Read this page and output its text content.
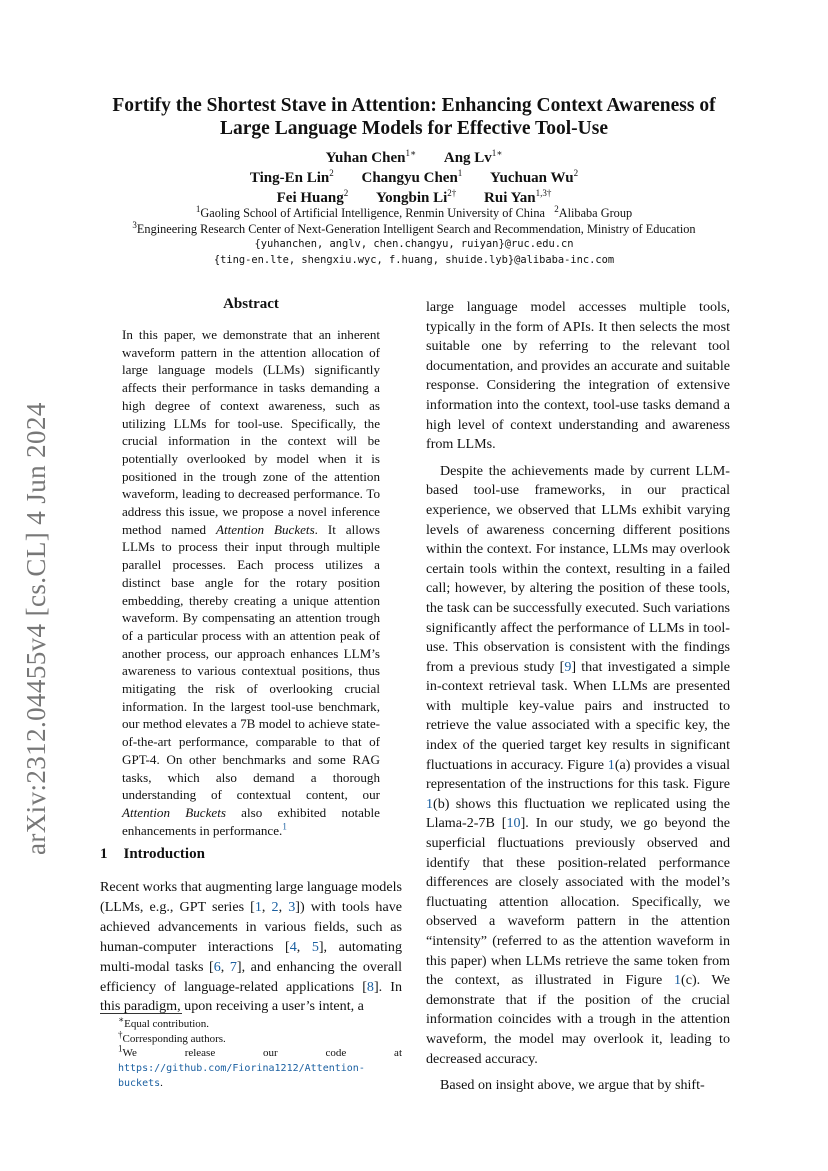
arXiv:2312.04455v4 [cs.CL] 4 Jun 2024
Fortify the Shortest Stave in Attention: Enhancing Context Awareness of
Large Language Models for Effective Tool-Use
Yuhan Chen$^{1∗}$ Ang $Lv^{1∗}$
Ting-En Lin$^2$ Changyu Chen$^1$ Yuchuan Wu$^2$
Fei Huang$^2$ Yongbin $Li^{2\dagger}$ Rui Yan$^{1,3\dagger}$
$^1$Gaoling School of Artificial Intelligence, Renmin University of China $^2$Alibaba Group
$^3$Engineering Research Center of Next-Generation Intelligent Search and Recommendation, Ministry of Education
{yuhanchen, anglv, chen.changyu, ruiyan}@ruc.edu.cn
{ting-en.lte, shengxiu.wyc, f.huang, shuide.lyb}@alibaba-inc.com
Abstract

In this paper, we demonstrate that an inherent waveform pattern in the attention allocation of large language models (LLMs) significantly affects their performance in tasks demanding a high degree of context awareness, such as utilizing LLMs for tool-use. Specifically, the crucial information in the context will be potentially overlooked by model when it is positioned in the trough zone of the attention waveform, leading to decreased performance. To address this issue, we propose a novel inference method named Attention Buckets. It allows LLMs to process their input through multiple parallel processes. Each process utilizes a distinct base angle for the rotary position embedding, thereby creating a unique attention waveform. By compensating an attention trough of a particular process with an attention peak of another process, our approach enhances LLM’s awareness to various contextual positions, thus mitigating the risk of overlooking crucial information. In the largest tool-use benchmark, our method elevates a 7B model to achieve state-of-the-art performance, comparable to that of GPT-4. On other benchmarks and some RAG tasks, which also demand a thorough understanding of contextual content, our Attention Buckets also exhibited notable enhancements in performance.$^1$

1 Introduction

Recent works that augmenting large language models (LLMs, e.g., GPT series [1, 2, 3]) with tools have achieved advancements in various fields, such as human-computer interactions [4, 5], automating multi-modal tasks [6, 7], and enhancing the overall efficiency of language-related applications [8]. In this paradigm, upon receiving a user’s intent, a

∗Equal contribution.
†Corresponding authors.
$^1$We release our code at https://github.com/Fiorina1212/Attention-buckets.

large language model accesses multiple tools, typically in the form of APIs. It then selects the most suitable one by referring to the relevant tool documentation, and provides an accurate and suitable response. Considering the integration of extensive information into the context, tool-use tasks demand a high level of context understanding and awareness from LLMs.

Despite the achievements made by current LLM-based tool-use frameworks, in our practical experience, we observed that LLMs exhibit varying levels of awareness concerning different positions within the context. For instance, LLMs may overlook certain tools within the context, resulting in a failed call; however, by altering the position of these tools, the task can be successfully executed. Such variations significantly affect the performance of LLMs in tool-use. This observation is consistent with the findings from a previous study [9] that investigated a simple in-context retrieval task. When LLMs are presented with multiple key-value pairs and instructed to retrieve the value associated with a specific key, the index of the queried target key results in significant fluctuations in accuracy. Figure 1(a) provides a visual representation of the instructions for this task. Figure 1(b) shows this fluctuation we replicated using the Llama-2-7B [10]. In our study, we go beyond the superficial fluctuations previously observed and identify that these position-related performance differences are closely associated with the model’s fluctuating attention allocation. Specifically, we observed a waveform pattern in the attention “intensity” (referred to as the attention waveform in this paper) when LLMs retrieve the same token from the context, as illustrated in Figure 1(c). We demonstrate that if the position of the crucial information coincides with a trough in the attention waveform, the model may overlook it, leading to decreased accuracy.

Based on insight above, we argue that by shift-
